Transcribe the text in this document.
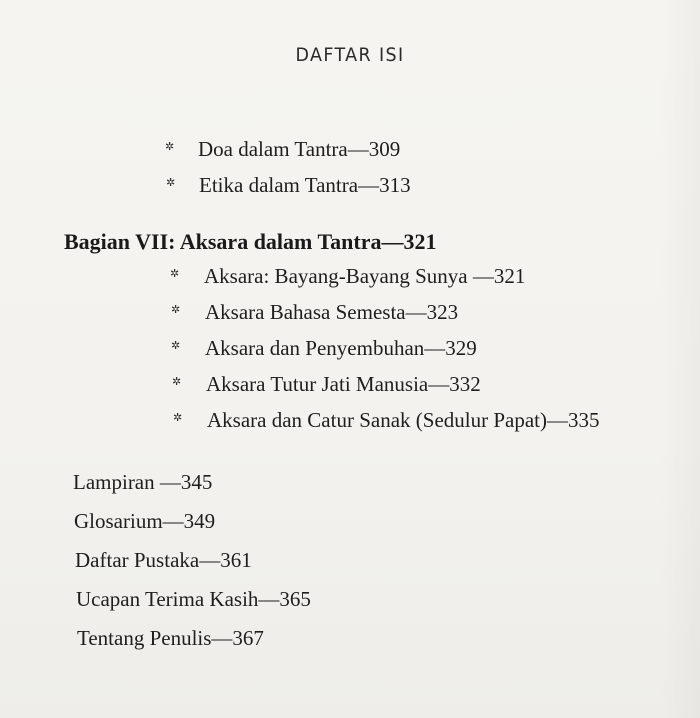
DAFTAR ISI
✲ Doa dalam Tantra—309
✲ Etika dalam Tantra—313
Bagian VII: Aksara dalam Tantra—321
✲ Aksara: Bayang-Bayang Sunya —321
✲ Aksara Bahasa Semesta—323
✲ Aksara dan Penyembuhan—329
✲ Aksara Tutur Jati Manusia—332
✲ Aksara dan Catur Sanak (Sedulur Papat)—335
Lampiran —345
Glosarium—349
Daftar Pustaka—361
Ucapan Terima Kasih—365
Tentang Penulis—367
